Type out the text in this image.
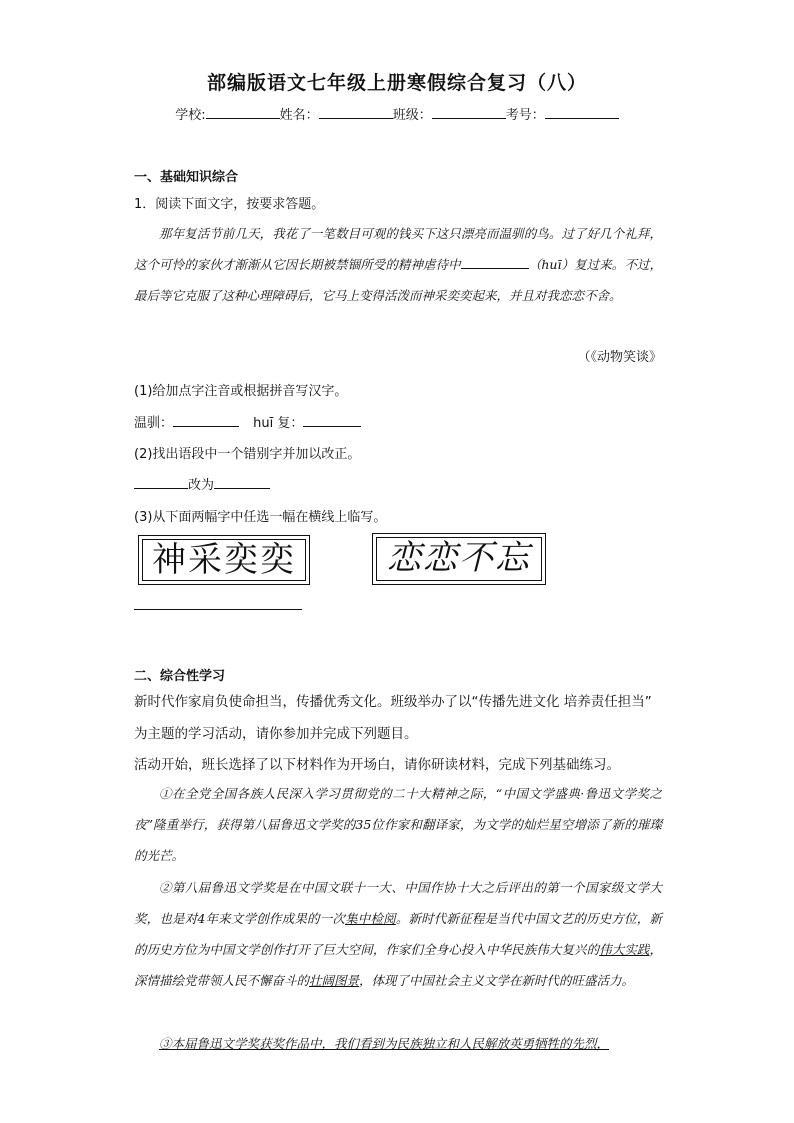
部编版语文七年级上册寒假综合复习（八）
学校:	姓名：	班级：	考号：
一、基础知识综合
1．阅读下面文字，按要求答题。

那年复活节前几天，我花了一笔数目可观的钱买下这只漂亮而温驯的鸟。过了好几个礼拜，这个可怜的家伙才渐渐从它因长期被禁锢所受的精神虐待中	（huī）复过来。不过，最后等它克服了这种心理障碍后，它马上变得活泼而神采奕奕起来，并且对我恋恋不舍。

（《动物笑谈》
(1)给加点字注音或根据拼音写汉字。
温驯：	huī 复：
(2)找出语段中一个错别字并加以改正。
改为
(3)从下面两幅字中任选一幅在横线上临写。
神采奕奕	恋恋不忘
二、综合性学习
新时代作家肩负使命担当，传播优秀文化。班级举办了以“传播先进文化 培养责任担当”
为主题的学习活动，请你参加并完成下列题目。
活动开始，班长选择了以下材料作为开场白，请你研读材料，完成下列基础练习。

①在全党全国各族人民深入学习贯彻党的二十大精神之际，“中国文学盛典·鲁迅文学奖之夜”隆重举行，获得第八届鲁迅文学奖的35位作家和翻译家，为文学的灿烂星空增添了新的璀璨的光芒。

②第八届鲁迅文学奖是在中国文联十一大、中国作协十大之后评出的第一个国家级文学大奖，也是对4年来文学创作成果的一次集中检阅。新时代新征程是当代中国文艺的历史方位，新的历史方位为中国文学创作打开了巨大空间，作家们全身心投入中华民族伟大复兴的伟大实践，深情描绘党带领人民不懈奋斗的壮阔图景，体现了中国社会主义文学在新时代的旺盛活力。

③本届鲁迅文学奖获奖作品中，我们看到为民族独立和人民解放英勇牺牲的先烈，
